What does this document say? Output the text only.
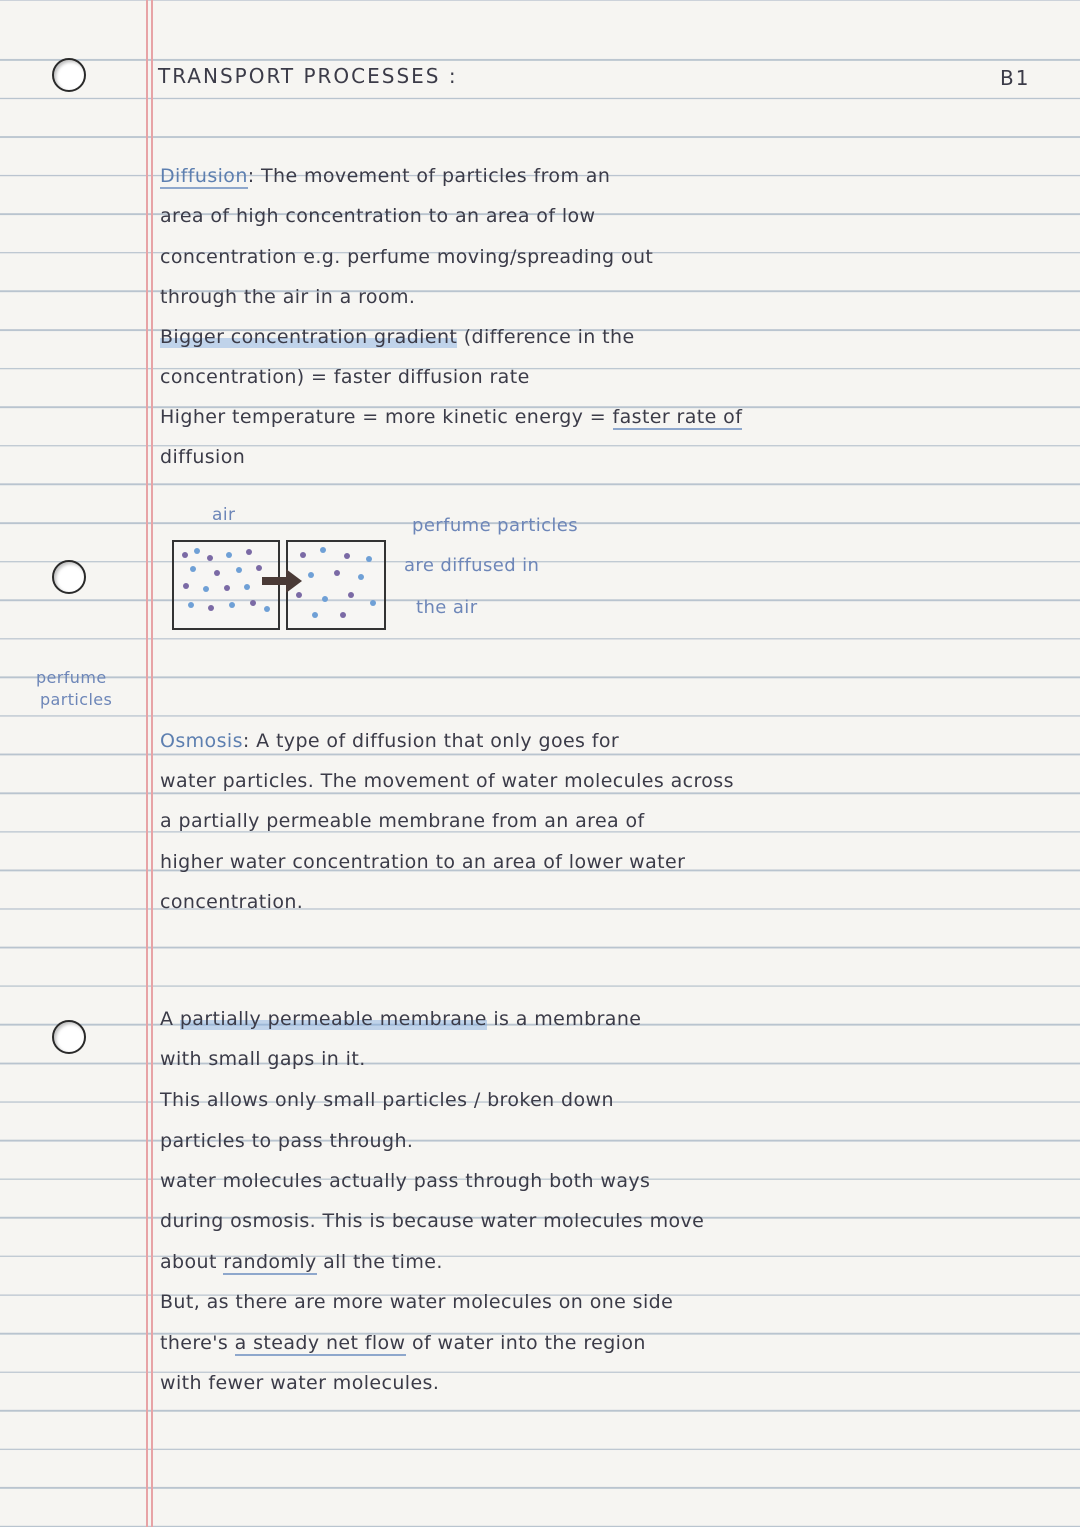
TRANSPORT PROCESSES :	B1
Diffusion: The movement of particles from an
area of high concentration to an area of low
concentration e.g. perfume moving/spreading out
through the air in a room.
Bigger concentration gradient (difference in the
concentration) = faster diffusion rate
Higher temperature = more kinetic energy = faster rate of
diffusion
air	perfume particles
are diffused in
the air
perfume
particles
Osmosis: A type of diffusion that only goes for
water particles. The movement of water molecules across
a partially permeable membrane from an area of
higher water concentration to an area of lower water
concentration.
A partially permeable membrane is a membrane
with small gaps in it.
This allows only small particles / broken down
particles to pass through.
water molecules actually pass through both ways
during osmosis. This is because water molecules move
about randomly all the time.
But, as there are more water molecules on one side
there's a steady net flow of water into the region
with fewer water molecules.
